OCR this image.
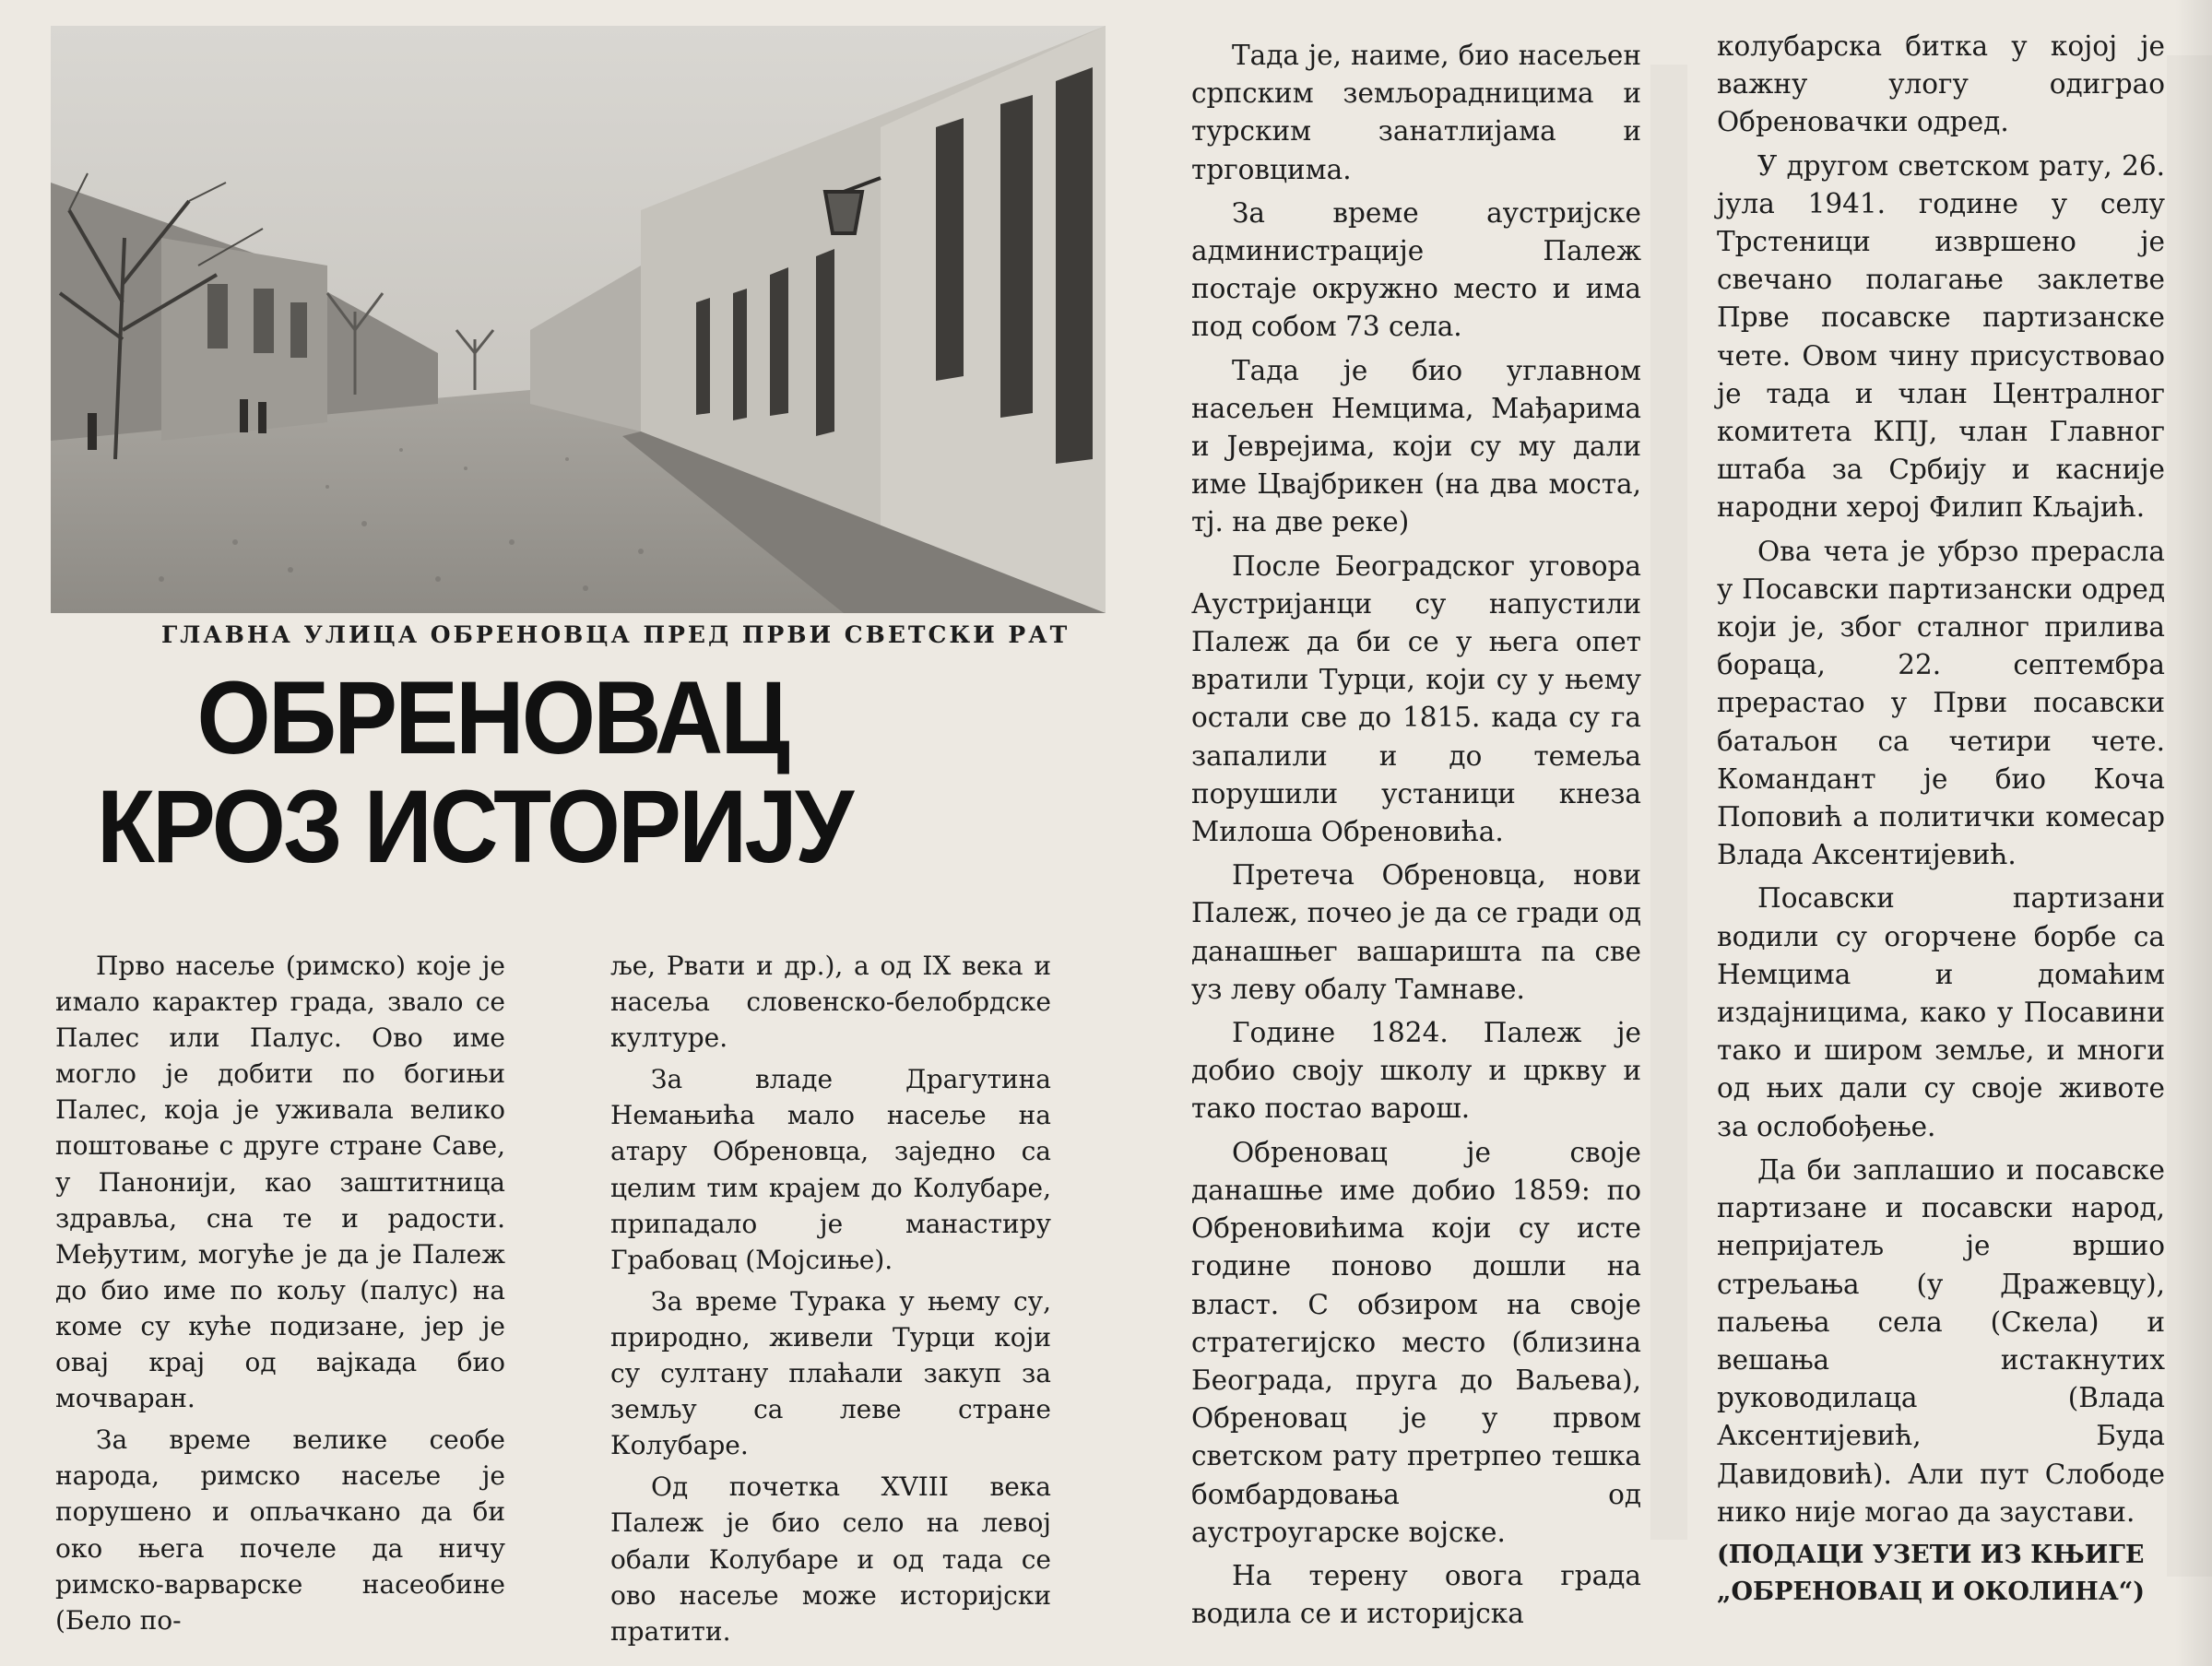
ГЛАВНА УЛИЦА ОБРЕНОВЦА ПРЕД ПРВИ СВЕТСКИ РАТ
ОБРЕНОВАЦ
КРОЗ ИСТОРИЈУ

Прво насеље (римско) које је имало карактер града, звало се Палес или Палус. Ово име могло је добити по богињи Палес, која је уживала велико поштовање с друге стране Саве, у Панонији, као заштитница здравља, сна те и радости. Међутим, могуће је да је Палеж до био име по кољу (палус) на коме су куће подизане, јер је овај крај од вајкада био мочваран.

За време велике сеобе народа, римско насеље је порушено и опљачкано да би око њега почеле да ничу римско-варварске насеобине (Бело по-

ље, Рвати и др.), а од IX века и насеља словенско-белобрдске културе.

За владе Драгутина Немањића мало насеље на атару Обреновца, заједно са целим тим крајем до Колубаре, припадало је манастиру Грабовац (Мојсиње).

За време Турака у њему су, природно, живели Турци који су султану плаћали закуп за земљу са леве стране Колубаре.

Од почетка XVIII века Палеж је био село на левој обали Колубаре и од тада се ово насеље може историјски пратити.

Тада је, наиме, био насељен српским земљорадницима и турским занатлијама и трговцима.

За време аустријске администрације Палеж постаје окружно место и има под собом 73 села.

Тада је био углавном насељен Немцима, Мађарима и Јеврејима, који су му дали име Цвајбрикен (на два моста, тј. на две реке)

После Београдског уговора Аустријанци су напустили Палеж да би се у њега опет вратили Турци, који су у њему остали све до 1815. када су га запалили и до темеља порушили устаници кнеза Милоша Обреновића.

Претеча Обреновца, нови Палеж, почео је да се гради од данашњег вашаришта па све уз леву обалу Тамнаве.

Године 1824. Палеж је добио своју школу и цркву и тако постао варош.

Обреновац је своје данашње име добио 1859: по Обреновићима који су исте године поново дошли на власт. С обзиром на своје стратегијско место (близина Београда, пруга до Ваљева), Обреновац је у првом светском рату претрпео тешка бомбардовања од аустроугарске војске.

На терену овога града водила се и историјска

колубарска битка у којој је важну улогу одиграо Обреновачки одред.

У другом светском рату, 26. јула 1941. године у селу Трстеници извршено је свечано полагање заклетве Прве посавске партизанске чете. Овом чину присуствовао је тада и члан Централног комитета КПЈ, члан Главног штаба за Србију и касније народни херој Филип Кљајић.

Ова чета је убрзо прерасла у Посавски партизански одред који је, због сталног прилива бораца, 22. септембра прерастао у Први посавски батаљон са четири чете. Командант је био Коча Поповић а политички комесар Влада Аксентијевић.

Посавски партизани водили су огорчене борбе са Немцима и домаћим издајницима, како у Посавини тако и широм земље, и многи од њих дали су своје животе за ослобођење.

Да би заплашио и посавске партизане и посавски народ, непријатељ је вршио стрељања (у Дражевцу), паљења села (Скела) и вешања истакнутих руководилаца (Влада Аксентијевић, Буда Давидовић). Али пут Слободе нико није могао да заустави.

(ПОДАЦИ УЗЕТИ ИЗ КЊИГЕ „ОБРЕНОВАЦ И ОКОЛИНА“)
